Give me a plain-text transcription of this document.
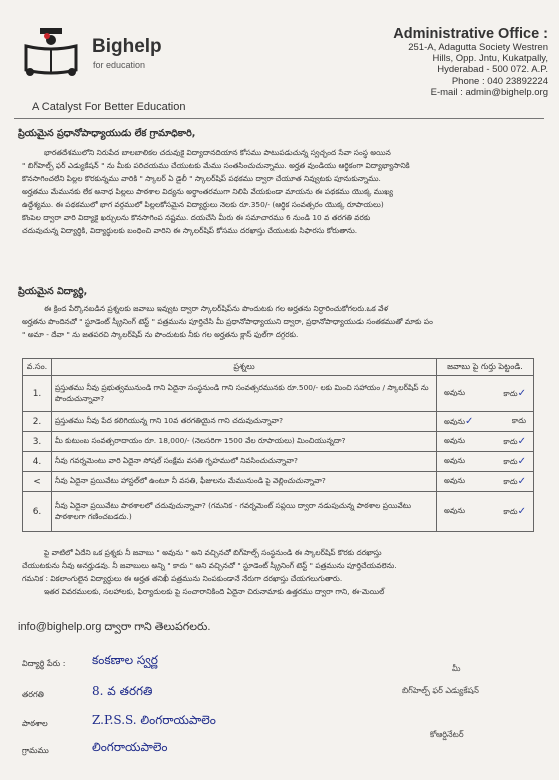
Bighelp
for education
A Catalyst For Better Education
Administrative Office :
251-A, Adagutta Society Westren
Hills, Opp. Jntu, Kukatpally,
Hyderabad - 500 072. A.P.
Phone : 040 23892224
E-mail : admin@bighelp.org
ప్రియమైన ప్రధానోపాధ్యాయుడు లేక గ్రామాధికారి,
భారతదేశములోని నిరుపేద బాలబాలికల చదువుకై విద్యాదానదియాన కోసము పాటుపడుచున్న స్వచ్ఛంద సేవా సంస్థ అయిన
" బిగ్‌హెల్ప్ ఫర్ ఎడ్యుకేషన్ " ను మీకు పరిచయము చేయుటకు మేము సంతసించుచున్నాము. అర్హత వుండియు ఆర్థికంగా విద్యాభ్యాసానికి
కొనసాగించలేని పిల్లల కొరకున్నము వారికి " స్కాలర్ ఏ డైలీ " స్కాలర్‌షిప్ పథకము ద్వారా చేయూత నివ్వుటకు పూనుకున్నాము.
అర్హతము మేమునకు లేక అనాధ పిల్లలు పాఠశాల విద్యను అర్థాంతరముగా నిలిపి వేయకుండా మాయను ఈ పథకము యొక్క ముఖ్య
ఉద్దేశ్యము. ఈ పథకములో భాగ వర్గములో పిల్లలకోసమైన విద్యార్థులు నెలకు రూ.350/- (ఆర్థిక సంవత్సరం యొక్క రూపాయలు)
కొంపెల ద్వారా వారి విద్యాకై ఖర్చులను కొనసాగింప నష్టము. దయచేసి మీరు ఈ సమాచారము 6 నుండి 10 వ తరగతి వరకు
చదువుచున్న విద్యార్థికి, విద్యార్థులకు బంధించి వారిని ఈ స్కాలర్‌షిప్ కోసము దరఖాస్తు చేయుటకు సిఫారసు కోరుతాను.
ప్రియమైన విద్యార్థి,
ఈ క్రింద పేర్కొనబడిన ప్రశ్నలకు జవాబు ఇవ్వుట ద్వారా స్కాలర్‌షిప్‌ను పొందుటకు గల అర్హతను నిర్ధారించుకోగలరు.ఒక వేళ
అర్హతను పొందినచో " స్టూడెంట్ స్క్రీనింగ్ టెస్ట్ " పత్రమును పూర్తిచేసి మీ ప్రధానోపాధ్యాయుని ద్వారా, ప్రధానోపాధ్యాయుడు సంతకముతో మాకు పం
" అమా - దేవా " ను జతపరచి స్కాలర్‌షిప్ ను పొందుటకు నీకు గల అర్హతను క్లాస్ ఫుల్‌గా దగ్గరకు.
వ.సం.	ప్రశ్నలు	జవాబు పై గుర్తు పెట్టండి.
1.	ప్రస్తుతము నీవు ప్రభుత్వమునుండి గాని ఏదైనా సంస్థనుండి గాని సంవత్సరమునకు రూ.500/- లకు మించి సహాయం / స్కాలర్‌షిప్ ను పొందుచున్నావా?	అవును కాదు✓

2.	ప్రస్తుతము నీవు పేద కలిగియున్న గాని 10వ తరగతియైన గాని చదువుచున్నావా?	అవును✓ కాదు

3.	మీ కుటుంబ సంవత్సరాదాయం రూ. 18,000/- (నెలసరిగా 1500 వేల రూపాయలు) మించియున్నదా?	అవును కాదు✓

4.	నీవు గవర్నమెంటు వారి ఏదైనా సోషల్ సంక్షేమ వసతి గృహములో నివసించుచున్నావా?	అవును కాదు✓

<	నీవు ఏదైనా ప్రయివేటు హాస్టల్‌లో ఉంటూ నీ వసతి, ఫీజులను మేమునుండి పై వెల్లించుచున్నావా?	అవును కాదు✓

6.	నీవు ఏదైనా ప్రయివేటు పాఠశాలలో చదువుచున్నావా? (గమనిక - గవర్నమెంట్ సప్లయి ద్వారా నడుపుచున్న పాఠశాల ప్రయివేటు పాఠశాలగా గణించబడదు.)	అవును కాదు✓
పై వాటిలో ఏదేని ఒక ప్రశ్నకు నీ జవాబు " అవును " అని వచ్చినచో బిగ్‌హెల్ప్ సంస్థనుండి ఈ స్కాలర్‌షిప్ కొరకు దరఖాస్తు
చేయుటకును నీవు అనర్హుడవు. నీ జవాబులు అన్ని " కాదు " అని వచ్చినచో " స్టూడెంట్ స్క్రీనింగ్ టెస్ట్ " పత్రమును పూర్తిచేయవలెను.
గమనిక : వికలాంగులైన విద్యార్థులు ఈ అర్హత తనిఖీ పత్రమును నింపకుండానే నేరుగా దరఖాస్తు చేయగలుగుతారు.
ఇతర వివరములకు, సలహాలకు, ఫిర్యాదులకు పై సంచారానికింది ఏదైనా చిరునామాకు ఉత్తరము ద్వారా గాని, ఈ-మెయిల్
info@bighelp.org ద్వారా గాని తెలుపగలరు.
విద్యార్థి పేరు : కంకణాల స్వర్ణ
తరగతి	8. వ తరగతి
పాఠశాల	Z.P.S.S. లింగరాయపాలెం
గ్రామము	లింగరాయపాలెం
మీ
బిగ్‌హెల్ప్ ఫర్ ఎడ్యుకేషన్
కోఆర్డినేటర్
